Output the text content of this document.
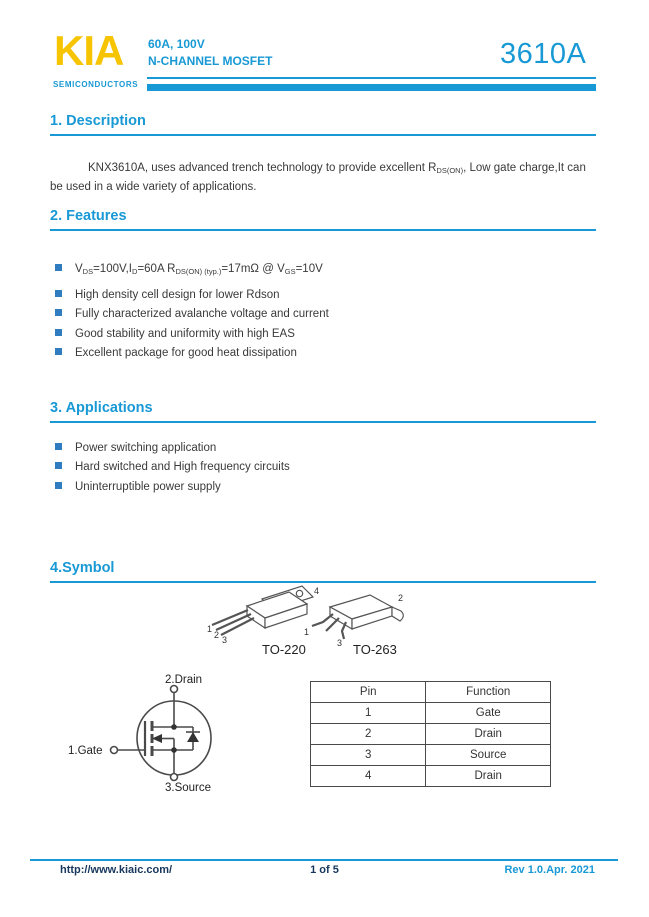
KIA
SEMICONDUCTORS
60A, 100V
N-CHANNEL MOSFET	3610A
1. Description

KNX3610A, uses advanced trench technology to provide excellent $R_{DS(ON)}$, Low gate charge,It can be used in a wide variety of applications.

2. Features
$V_{DS}=100V,I_D=60A$ $R_{DS(ON) (typ.)}=17m\Omega$ @ $V_{GS}=10V$
High density cell design for lower Rdson
Fully characterized avalanche voltage and current
Good stability and uniformity with high EAS
Excellent package for good heat dissipation
3. Applications
Power switching application
Hard switched and High frequency circuits
Uninterruptible power supply
4.Symbol
1
2 3
4
TO-220
1
3
2
TO-263
2.Drain
1.Gate
3.Source
Pin	Function
1	Gate
2	Drain
3	Source
4	Drain
http://www.kiaic.com/	1 of 5	Rev 1.0.Apr. 2021
